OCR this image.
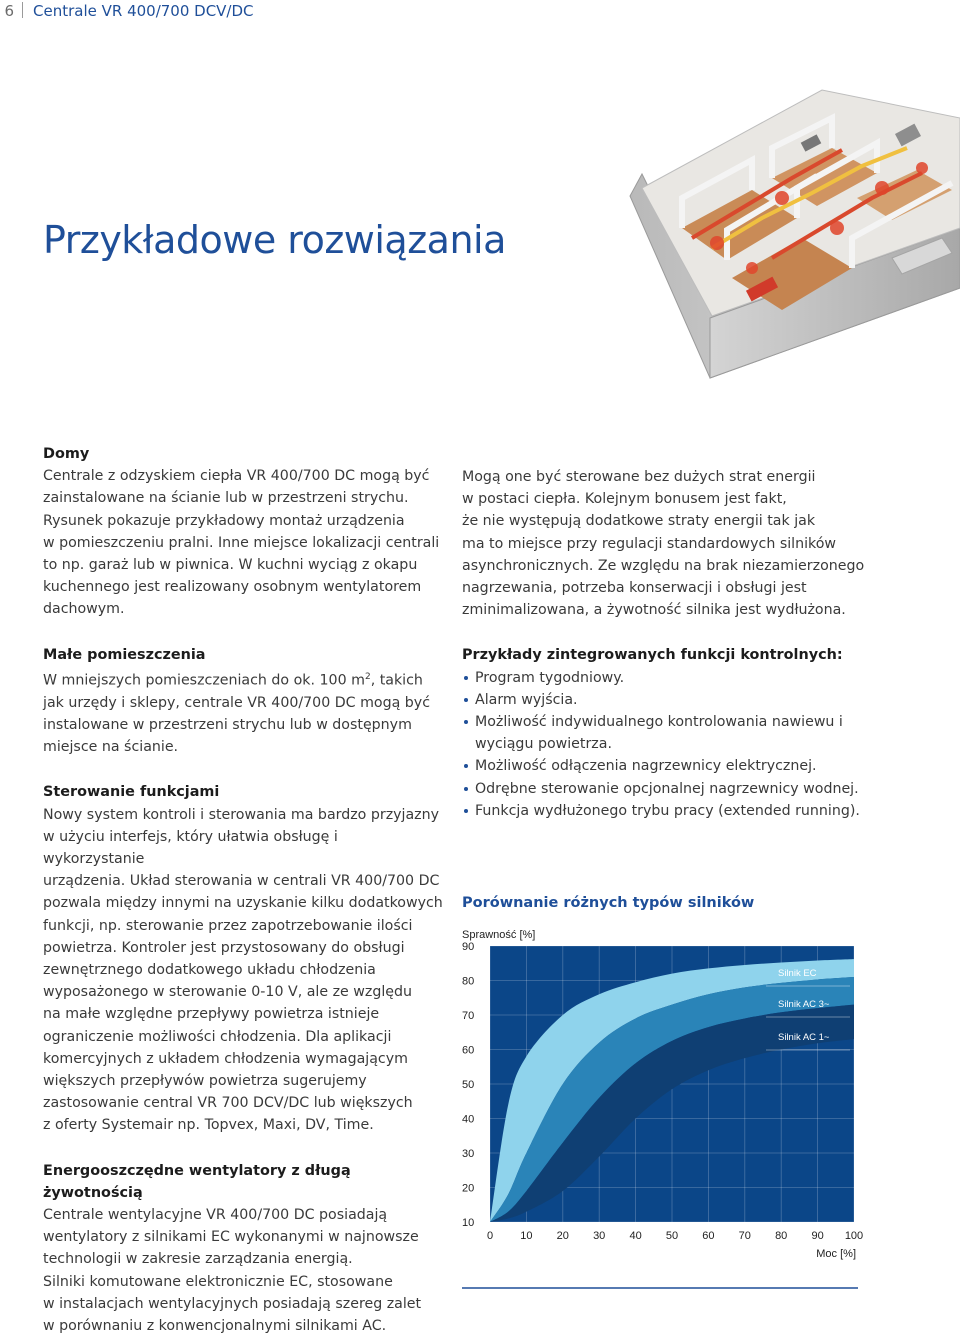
6 Centrale VR 400/700 DCV/DC
Przykładowe rozwiązania
Domy

Centrale z odzyskiem ciepła VR 400/700 DC mogą być

zainstalowane na ścianie lub w przestrzeni strychu.

Rysunek pokazuje przykładowy montaż urządzenia

w pomieszczeniu pralni. Inne miejsce lokalizacji centrali

to np. garaż lub w piwnica. W kuchni wyciąg z okapu

kuchennego jest realizowany osobnym wentylatorem

dachowym.

Małe pomieszczenia

W mniejszych pomieszczeniach do ok. 100 $m^2$, takich

jak urzędy i sklepy, centrale VR 400/700 DC mogą być

instalowane w przestrzeni strychu lub w dostępnym

miejsce na ścianie.

Sterowanie funkcjami

Nowy system kontroli i sterowania ma bardzo przyjazny

w użyciu interfejs, który ułatwia obsługę i wykorzystanie

urządzenia. Układ sterowania w centrali VR 400/700 DC

pozwala między innymi na uzyskanie kilku dodatkowych

funkcji, np. sterowanie przez zapotrzebowanie ilości

powietrza. Kontroler jest przystosowany do obsługi

zewnętrznego dodatkowego układu chłodzenia

wyposażonego w sterowanie 0-10 V, ale ze względu

na małe względne przepływy powietrza istnieje

ograniczenie możliwości chłodzenia. Dla aplikacji

komercyjnych z układem chłodzenia wymagającym

większych przepływów powietrza sugerujemy

zastosowanie central VR 700 DCV/DC lub większych

z oferty Systemair np. Topvex, Maxi, DV, Time.

Energooszczędne wentylatory z długą żywotnością

Centrale wentylacyjne VR 400/700 DC posiadają

wentylatory z silnikami EC wykonanymi w najnowsze

technologii w zakresie zarządzania energią.

Silniki komutowane elektronicznie EC, stosowane

w instalacjach wentylacyjnych posiadają szereg zalet

w porównaniu z konwencjonalnymi silnikami AC.

Mogą one być sterowane bez dużych strat energii

w postaci ciepła. Kolejnym bonusem jest fakt,

że nie występują dodatkowe straty energii tak jak

ma to miejsce przy regulacji standardowych silników

asynchronicznych. Ze względu na brak niezamierzonego

nagrzewania, potrzeba konserwacji i obsługi jest

zminimalizowana, a żywotność silnika jest wydłużona.

Przykłady zintegrowanych funkcji kontrolnych:
Program tygodniowy.
Alarm wyjścia.
Możliwość indywidualnego kontrolowania nawiewu i wyciągu powietrza.
Możliwość odłączenia nagrzewnicy elektrycznej.
Odrębne sterowanie opcjonalnej nagrzewnicy wodnej.
Funkcja wydłużonego trybu pracy (extended running).
Porównanie różnych typów silników
10
20
30
40
50
60
70
80
90
0 10 20 30 40 50 60 70 80 90 100
Silnik EC
Silnik AC 3~
Silnik AC 1~
Sprawność [%]
Moc [%]
